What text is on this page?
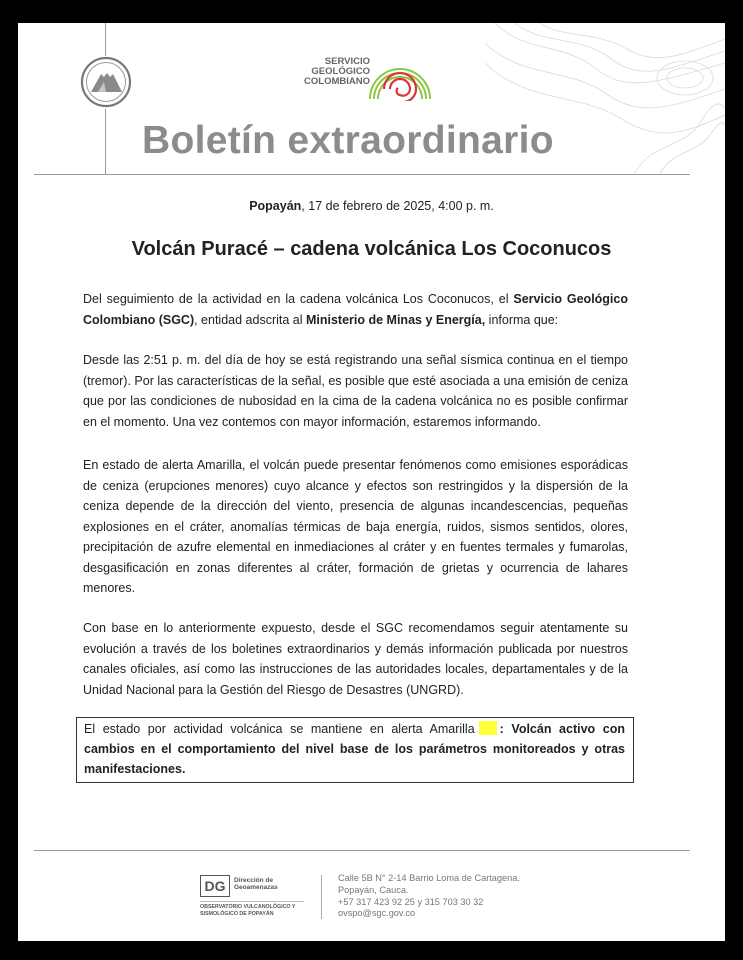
SERVICIO
GEOLÓGICO
COLOMBIANO
Boletín extraordinario
Popayán, 17 de febrero de 2025, 4:00 p. m.
Volcán Puracé – cadena volcánica Los Coconucos

Del seguimiento de la actividad en la cadena volcánica Los Coconucos, el Servicio Geológico Colombiano (SGC), entidad adscrita al Ministerio de Minas y Energía, informa que:

Desde las 2:51 p. m. del día de hoy se está registrando una señal sísmica continua en el tiempo (tremor). Por las características de la señal, es posible que esté asociada a una emisión de ceniza que por las condiciones de nubosidad en la cima de la cadena volcánica no es posible confirmar en el momento. Una vez contemos con mayor información, estaremos informando.

En estado de alerta Amarilla, el volcán puede presentar fenómenos como emisiones esporádicas de ceniza (erupciones menores) cuyo alcance y efectos son restringidos y la dispersión de la ceniza depende de la dirección del viento, presencia de algunas incandescencias, pequeñas explosiones en el cráter, anomalías térmicas de baja energía, ruidos, sismos sentidos, olores, precipitación de azufre elemental en inmediaciones al cráter y en fuentes termales y fumarolas, desgasificación en zonas diferentes al cráter, formación de grietas y ocurrencia de lahares menores.

Con base en lo anteriormente expuesto, desde el SGC recomendamos seguir atentamente su evolución a través de los boletines extraordinarios y demás información publicada por nuestros canales oficiales, así como las instrucciones de las autoridades locales, departamentales y de la Unidad Nacional para la Gestión del Riesgo de Desastres (UNGRD).

El estado por actividad volcánica se mantiene en alerta Amarilla : Volcán activo con cambios en el comportamiento del nivel base de los parámetros monitoreados y otras manifestaciones.
DG Dirección de
Geoamenazas
OBSERVATORIO VULCANOLÓGICO Y
SISMOLÓGICO DE POPAYÁN
Calle 5B N° 2-14 Barrio Loma de Cartagena.
Popayán, Cauca.
+57 317 423 92 25 y 315 703 30 32
ovspo@sgc.gov.co
